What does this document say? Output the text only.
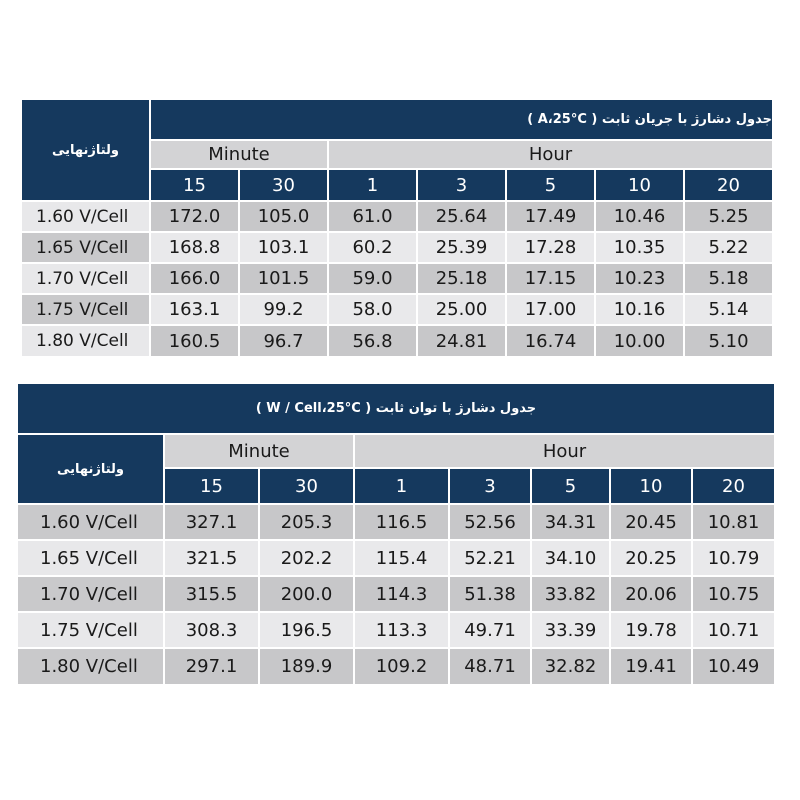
ولتاژنهایی
جدول دشارژ با جریان ثابت ( A،25°C )
Minute	Hour
15	30	1	3	5	10	20
1.60 V/Cell	172.0	105.0	61.0	25.64	17.49	10.46	5.25
1.65 V/Cell	168.8	103.1	60.2	25.39	17.28	10.35	5.22
1.70 V/Cell	166.0	101.5	59.0	25.18	17.15	10.23	5.18
1.75 V/Cell	163.1	99.2	58.0	25.00	17.00	10.16	5.14
1.80 V/Cell	160.5	96.7	56.8	24.81	16.74	10.00	5.10
جدول دشارژ با توان ثابت ( W / Cell،25°C )
ولتاژنهایی
Minute	Hour
15	30	1	3	5	10	20
1.60 V/Cell	327.1	205.3	116.5	52.56	34.31	20.45	10.81
1.65 V/Cell	321.5	202.2	115.4	52.21	34.10	20.25	10.79
1.70 V/Cell	315.5	200.0	114.3	51.38	33.82	20.06	10.75
1.75 V/Cell	308.3	196.5	113.3	49.71	33.39	19.78	10.71
1.80 V/Cell	297.1	189.9	109.2	48.71	32.82	19.41	10.49
